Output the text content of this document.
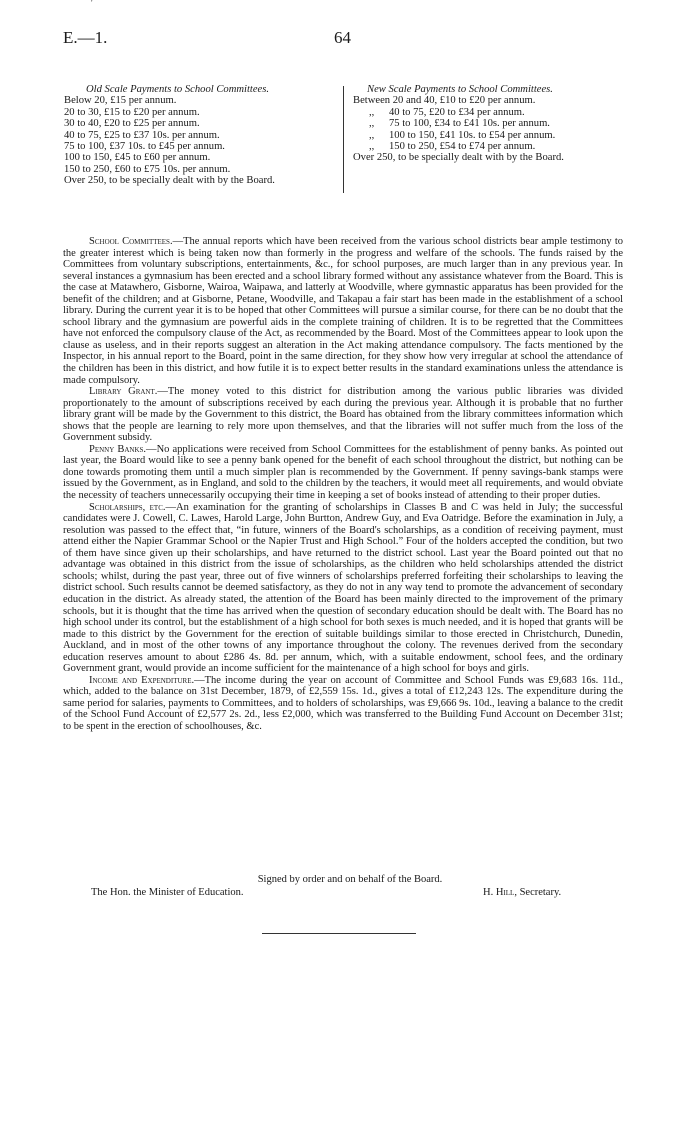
'
E.—1.	64
Old Scale Payments to School Committees.
Below 20, £15 per annum.
20 to 30, £15 to £20 per annum.
30 to 40, £20 to £25 per annum.
40 to 75, £25 to £37 10s. per annum.
75 to 100, £37 10s. to £45 per annum.
100 to 150, £45 to £60 per annum.
150 to 250, £60 to £75 10s. per annum.
Over 250, to be specially dealt with by the Board.
New Scale Payments to School Committees.
Between 20 and 40, £10 to £20 per annum.
,, 40 to 75, £20 to £34 per annum.
,, 75 to 100, £34 to £41 10s. per annum.
,, 100 to 150, £41 10s. to £54 per annum.
,, 150 to 250, £54 to £74 per annum.
Over 250, to be specially dealt with by the Board.

School Committees.—The annual reports which have been received from the various school districts bear ample testimony to the greater interest which is being taken now than formerly in the progress and welfare of the schools. The funds raised by the Committees from voluntary subscriptions, entertainments, &c., for school purposes, are much larger than in any previous year. In several instances a gymnasium has been erected and a school library formed without any assistance whatever from the Board. This is the case at Matawhero, Gisborne, Wairoa, Waipawa, and latterly at Woodville, where gymnastic apparatus has been provided for the benefit of the children; and at Gisborne, Petane, Woodville, and Takapau a fair start has been made in the establishment of a school library. During the current year it is to be hoped that other Committees will pursue a similar course, for there can be no doubt that the school library and the gymnasium are powerful aids in the complete training of children. It is to be regretted that the Committees have not enforced the compulsory clause of the Act, as recommended by the Board. Most of the Committees appear to look upon the clause as useless, and in their reports suggest an alteration in the Act making attendance compulsory. The facts mentioned by the Inspector, in his annual report to the Board, point in the same direction, for they show how very irregular at school the attendance of the children has been in this district, and how futile it is to expect better results in the standard examinations unless the attendance is made compulsory.

Library Grant.—The money voted to this district for distribution among the various public libraries was divided proportionately to the amount of subscriptions received by each during the previous year. Although it is probable that no further library grant will be made by the Government to this district, the Board has obtained from the library committees information which shows that the people are learning to rely more upon themselves, and that the libraries will not suffer much from the loss of the Government subsidy.

Penny Banks.—No applications were received from School Committees for the establishment of penny banks. As pointed out last year, the Board would like to see a penny bank opened for the benefit of each school throughout the district, but nothing can be done towards promoting them until a much simpler plan is recommended by the Government. If penny savings-bank stamps were issued by the Government, as in England, and sold to the children by the teachers, it would meet all requirements, and would obviate the necessity of teachers unnecessarily occupying their time in keeping a set of books instead of attending to their proper duties.

Scholarships, etc.—An examination for the granting of scholarships in Classes B and C was held in July; the successful candidates were J. Cowell, C. Lawes, Harold Large, John Burtton, Andrew Guy, and Eva Oatridge. Before the examination in July, a resolution was passed to the effect that, “in future, winners of the Board's scholarships, as a condition of receiving payment, must attend either the Napier Grammar School or the Napier Trust and High School.” Four of the holders accepted the condition, but two of them have since given up their scholarships, and have returned to the district school. Last year the Board pointed out that no advantage was obtained in this district from the issue of scholarships, as the children who held scholarships attended the district schools; whilst, during the past year, three out of five winners of scholarships preferred forfeiting their scholarships to leaving the district school. Such results cannot be deemed satisfactory, as they do not in any way tend to promote the advancement of secondary education in the district. As already stated, the attention of the Board has been mainly directed to the improvement of the primary schools, but it is thought that the time has arrived when the question of secondary education should be dealt with. The Board has no high school under its control, but the establishment of a high school for both sexes is much needed, and it is hoped that grants will be made to this district by the Government for the erection of suitable buildings similar to those erected in Christchurch, Dunedin, Auckland, and in most of the other towns of any importance throughout the colony. The revenues derived from the secondary education reserves amount to about £286 4s. 8d. per annum, which, with a suitable endowment, school fees, and the ordinary Government grant, would provide an income sufficient for the maintenance of a high school for boys and girls.

Income and Expenditure.—The income during the year on account of Committee and School Funds was £9,683 16s. 11d., which, added to the balance on 31st December, 1879, of £2,559 15s. 1d., gives a total of £12,243 12s. The expenditure during the same period for salaries, payments to Committees, and to holders of scholarships, was £9,666 9s. 10d., leaving a balance to the credit of the School Fund Account of £2,577 2s. 2d., less £2,000, which was transferred to the Building Fund Account on December 31st; to be spent in the erection of schoolhouses, &c.

Signed by order and on behalf of the Board.
The Hon. the Minister of Education.	H. Hill, Secretary.
